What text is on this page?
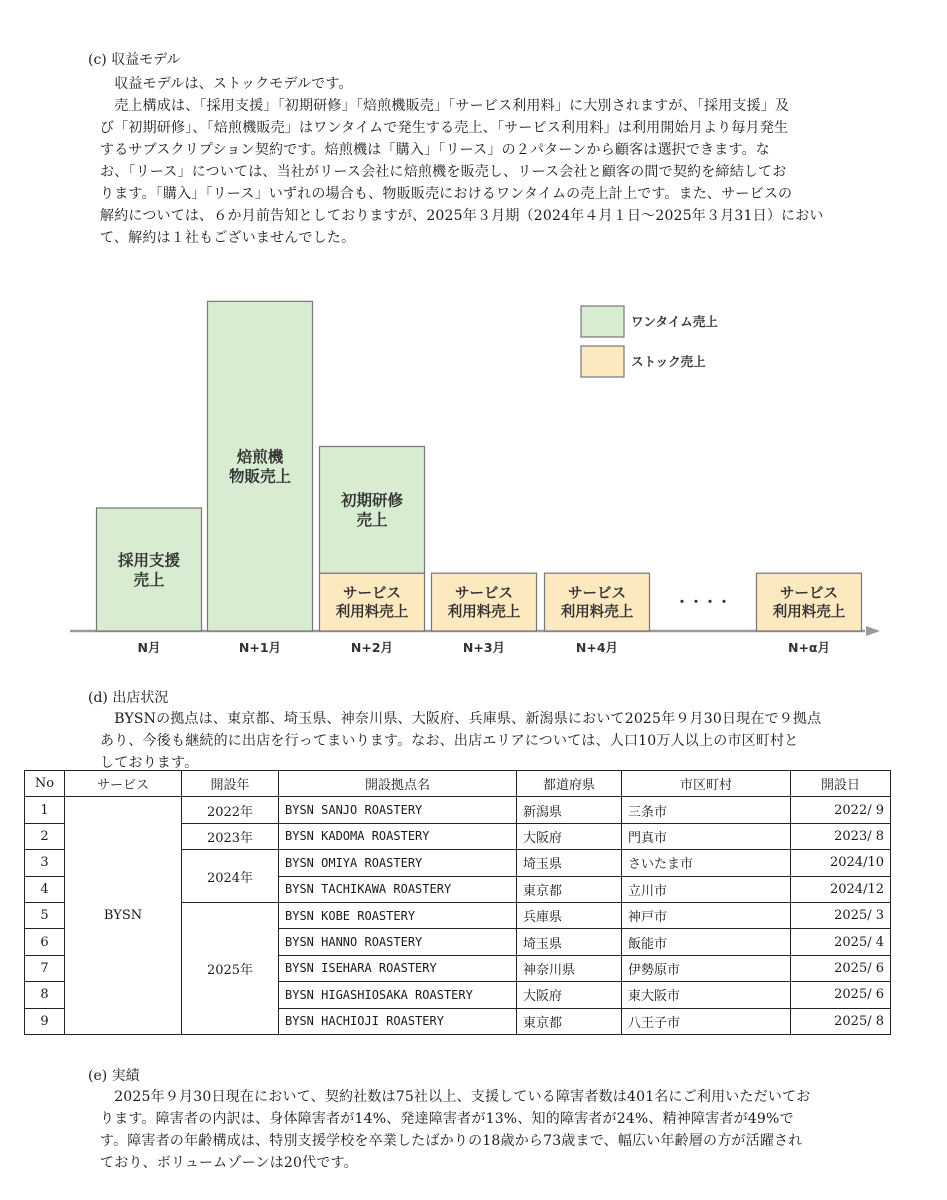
(c) 収益モデル
　収益モデルは、ストックモデルです。
　売上構成は、「採用支援」「初期研修」「焙煎機販売」「サービス利用料」に大別されますが、「採用支援」及
び「初期研修」、「焙煎機販売」はワンタイムで発生する売上、「サービス利用料」は利用開始月より毎月発生
するサブスクリプション契約です。焙煎機は「購入」「リース」の２パターンから顧客は選択できます。な
お、「リース」については、当社がリース会社に焙煎機を販売し、リース会社と顧客の間で契約を締結してお
ります。「購入」「リース」いずれの場合も、物販販売におけるワンタイムの売上計上です。また、サービスの
解約については、６か月前告知としておりますが、2025年３月期（2024年４月１日～2025年３月31日）におい
て、解約は１社もございませんでした。
採用支援
売上
焙煎機
物販売上
サービス
利用料売上
初期研修
売上
サービス
利用料売上
サービス
利用料売上
サービス
利用料売上
N月	N+1月	N+2月	N+3月	N+4月	N+α月
・・・・
ワンタイム売上
ストック売上
(d) 出店状況
　BYSNの拠点は、東京都、埼玉県、神奈川県、大阪府、兵庫県、新潟県において2025年９月30日現在で９拠点
あり、今後も継続的に出店を行ってまいります。なお、出店エリアについては、人口10万人以上の市区町村と
しております。
No	サービス	開設年	開設拠点名	都道府県	市区町村	開設日
1	BYSN	2022年	BYSN SANJO ROASTERY	新潟県	三条市	2022/ 9
2		2023年	BYSN KADOMA ROASTERY	大阪府	門真市	2023/ 8
3		2024年	BYSN OMIYA ROASTERY	埼玉県	さいたま市	2024/10
4			BYSN TACHIKAWA ROASTERY	東京都	立川市	2024/12
5		2025年	BYSN KOBE ROASTERY	兵庫県	神戸市	2025/ 3
6			BYSN HANNO ROASTERY	埼玉県	飯能市	2025/ 4
7			BYSN ISEHARA ROASTERY	神奈川県	伊勢原市	2025/ 6
8			BYSN HIGASHIOSAKA ROASTERY	大阪府	東大阪市	2025/ 6
9			BYSN HACHIOJI ROASTERY	東京都	八王子市	2025/ 8
(e) 実績
　2025年９月30日現在において、契約社数は75社以上、支援している障害者数は401名にご利用いただいてお
ります。障害者の内訳は、身体障害者が14%、発達障害者が13%、知的障害者が24%、精神障害者が49%で
す。障害者の年齢構成は、特別支援学校を卒業したばかりの18歳から73歳まで、幅広い年齢層の方が活躍され
ており、ボリュームゾーンは20代です。
